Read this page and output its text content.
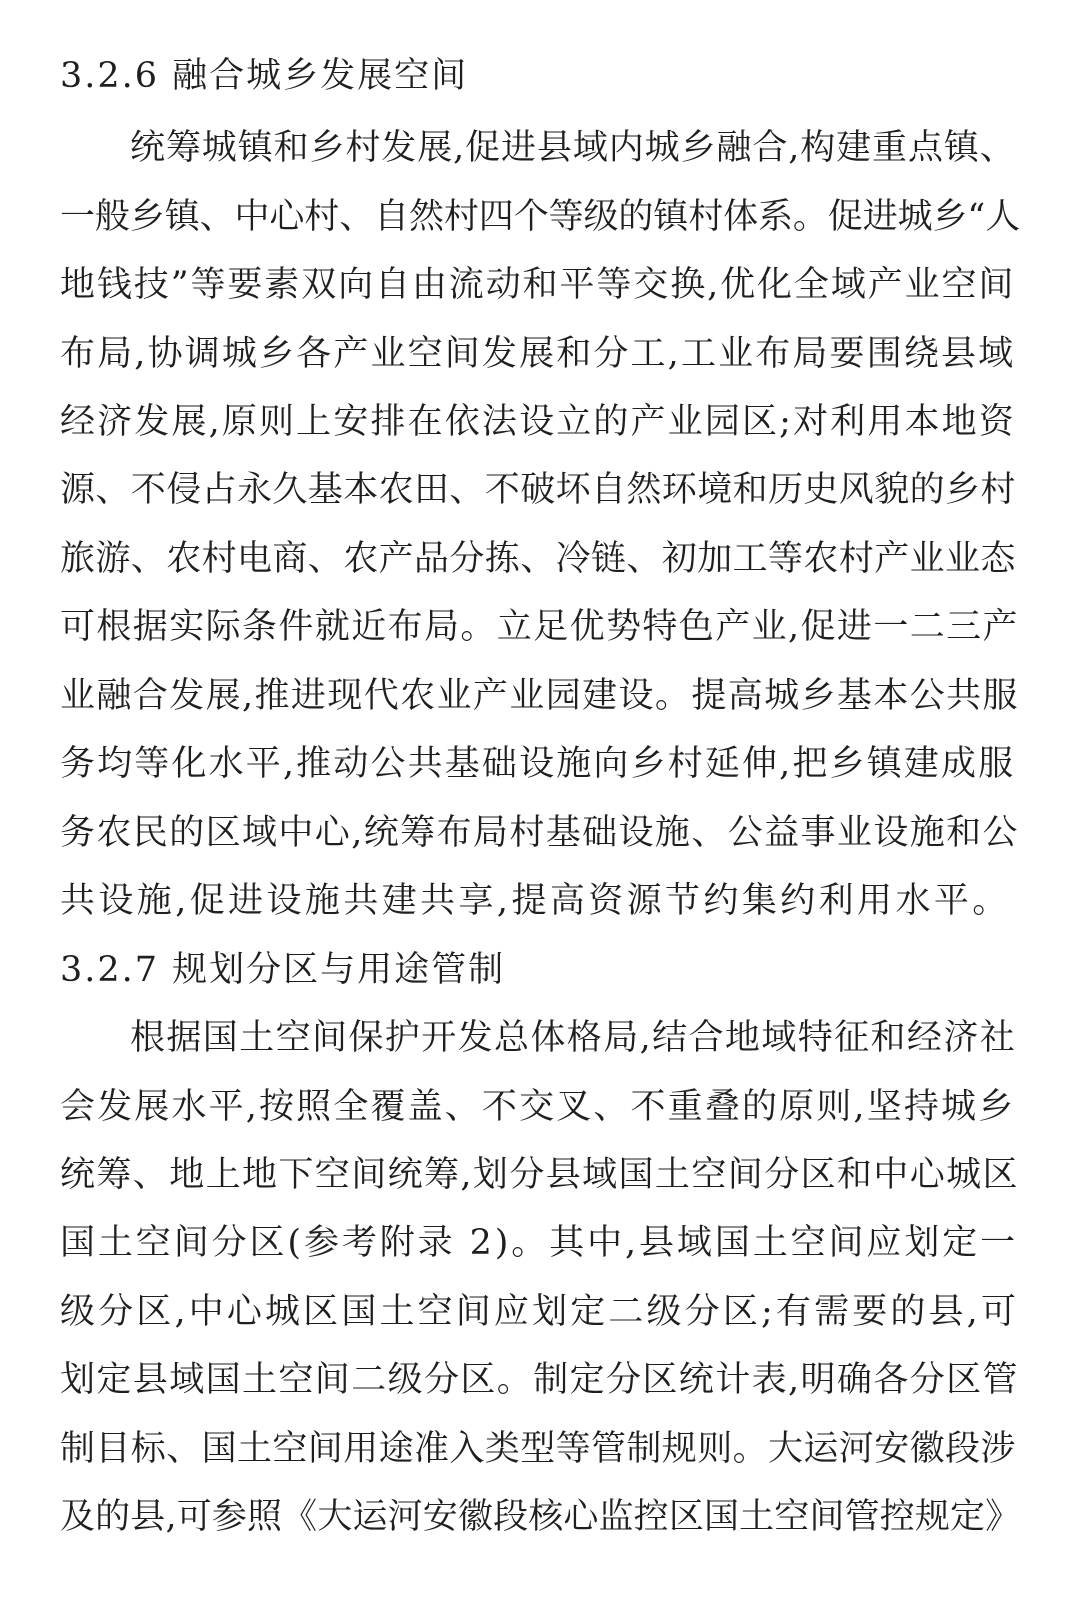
3.2.6 融合城乡发展空间

统筹城镇和乡村发展,促进县域内城乡融合,构建重点镇、

一般乡镇、中心村、自然村四个等级的镇村体系。促进城乡“人

地钱技”等要素双向自由流动和平等交换,优化全域产业空间

布局,协调城乡各产业空间发展和分工,工业布局要围绕县域

经济发展,原则上安排在依法设立的产业园区;对利用本地资

源、不侵占永久基本农田、不破坏自然环境和历史风貌的乡村

旅游、农村电商、农产品分拣、冷链、初加工等农村产业业态

可根据实际条件就近布局。立足优势特色产业,促进一二三产

业融合发展,推进现代农业产业园建设。提高城乡基本公共服

务均等化水平,推动公共基础设施向乡村延伸,把乡镇建成服

务农民的区域中心,统筹布局村基础设施、公益事业设施和公

共设施,促进设施共建共享,提高资源节约集约利用水平。

3.2.7 规划分区与用途管制

根据国土空间保护开发总体格局,结合地域特征和经济社

会发展水平,按照全覆盖、不交叉、不重叠的原则,坚持城乡

统筹、地上地下空间统筹,划分县域国土空间分区和中心城区

国土空间分区(参考附录 2)。其中,县域国土空间应划定一

级分区,中心城区国土空间应划定二级分区;有需要的县,可

划定县域国土空间二级分区。制定分区统计表,明确各分区管

制目标、国土空间用途准入类型等管制规则。大运河安徽段涉

及的县,可参照《大运河安徽段核心监控区国土空间管控规定》
